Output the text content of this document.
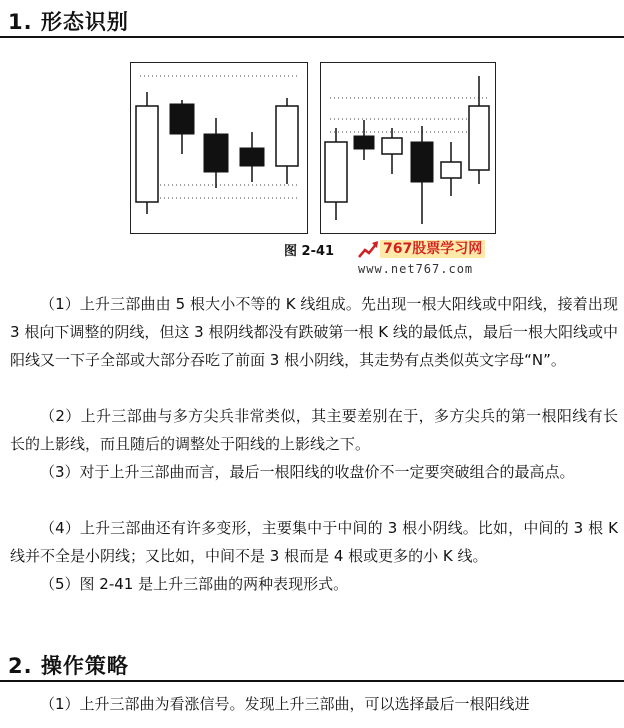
1. 形态识别
图 2-41	767股票学习网
www.net767.com

（1）上升三部曲由 5 根大小不等的 K 线组成。先出现一根大阳线或中阳线，接着出现 3 根向下调整的阴线，但这 3 根阴线都没有跌破第一根 K 线的最低点，最后一根大阳线或中阳线又一下子全部或大部分吞吃了前面 3 根小阴线，其走势有点类似英文字母“N”。

（2）上升三部曲与多方尖兵非常类似，其主要差别在于，多方尖兵的第一根阳线有长长的上影线，而且随后的调整处于阳线的上影线之下。

（3）对于上升三部曲而言，最后一根阳线的收盘价不一定要突破组合的最高点。

（4）上升三部曲还有许多变形，主要集中于中间的 3 根小阴线。比如，中间的 3 根 K 线并不全是小阴线；又比如，中间不是 3 根而是 4 根或更多的小 K 线。

（5）图 2-41 是上升三部曲的两种表现形式。

2. 操作策略

（1）上升三部曲为看涨信号。发现上升三部曲，可以选择最后一根阳线进
